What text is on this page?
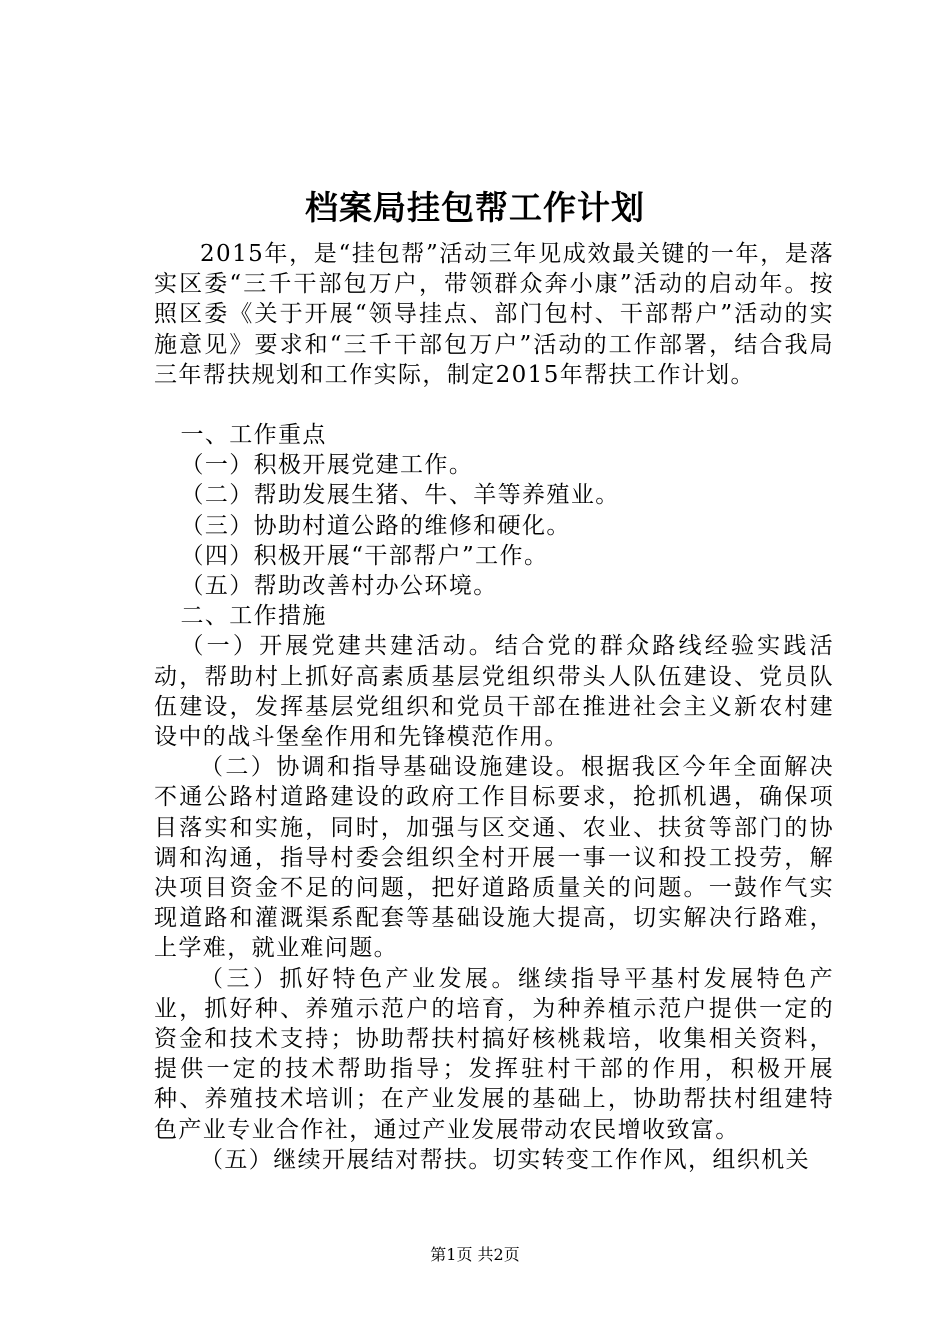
档案局挂包帮工作计划

2015年，是“挂包帮”活动三年见成效最关键的一年，是落实区委“三千干部包万户，带领群众奔小康”活动的启动年。按照区委《关于开展“领导挂点、部门包村、干部帮户”活动的实施意见》要求和“三千干部包万户”活动的工作部署，结合我局三年帮扶规划和工作实际，制定2015年帮扶工作计划。

一、工作重点

（一）积极开展党建工作。

（二）帮助发展生猪、牛、羊等养殖业。

（三）协助村道公路的维修和硬化。

（四）积极开展“干部帮户”工作。

（五）帮助改善村办公环境。

二、工作措施

（一）开展党建共建活动。结合党的群众路线经验实践活动，帮助村上抓好高素质基层党组织带头人队伍建设、党员队伍建设，发挥基层党组织和党员干部在推进社会主义新农村建设中的战斗堡垒作用和先锋模范作用。

（二）协调和指导基础设施建设。根据我区今年全面解决不通公路村道路建设的政府工作目标要求，抢抓机遇，确保项目落实和实施，同时，加强与区交通、农业、扶贫等部门的协调和沟通，指导村委会组织全村开展一事一议和投工投劳，解决项目资金不足的问题，把好道路质量关的问题。一鼓作气实现道路和灌溉渠系配套等基础设施大提高，切实解决行路难，上学难，就业难问题。

（三）抓好特色产业发展。继续指导平基村发展特色产业，抓好种、养殖示范户的培育，为种养植示范户提供一定的资金和技术支持；协助帮扶村搞好核桃栽培，收集相关资料，提供一定的技术帮助指导；发挥驻村干部的作用，积极开展种、养殖技术培训；在产业发展的基础上，协助帮扶村组建特色产业专业合作社，通过产业发展带动农民增收致富。

（五）继续开展结对帮扶。切实转变工作作风，组织机关

第1页 共2页
